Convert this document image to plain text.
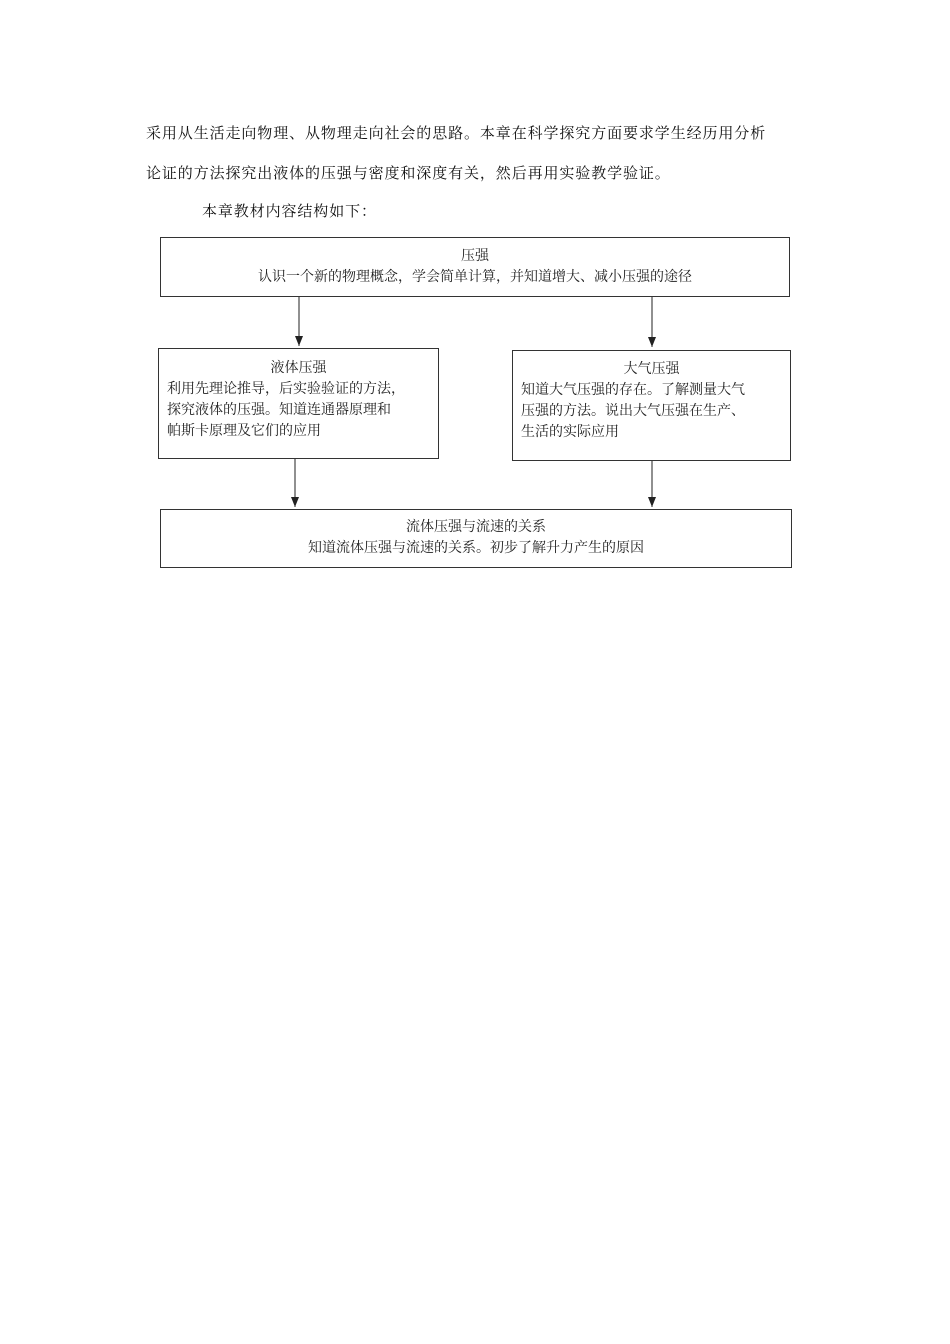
采用从生活走向物理、从物理走向社会的思路。本章在科学探究方面要求学生经历用分析
论证的方法探究出液体的压强与密度和深度有关，然后再用实验教学验证。
本章教材内容结构如下：
压强
认识一个新的物理概念，学会简单计算，并知道增大、减小压强的途径
液体压强
利用先理论推导，后实验验证的方法，
探究液体的压强。知道连通器原理和
帕斯卡原理及它们的应用
大气压强
知道大气压强的存在。了解测量大气
压强的方法。说出大气压强在生产、
生活的实际应用
流体压强与流速的关系
知道流体压强与流速的关系。初步了解升力产生的原因
